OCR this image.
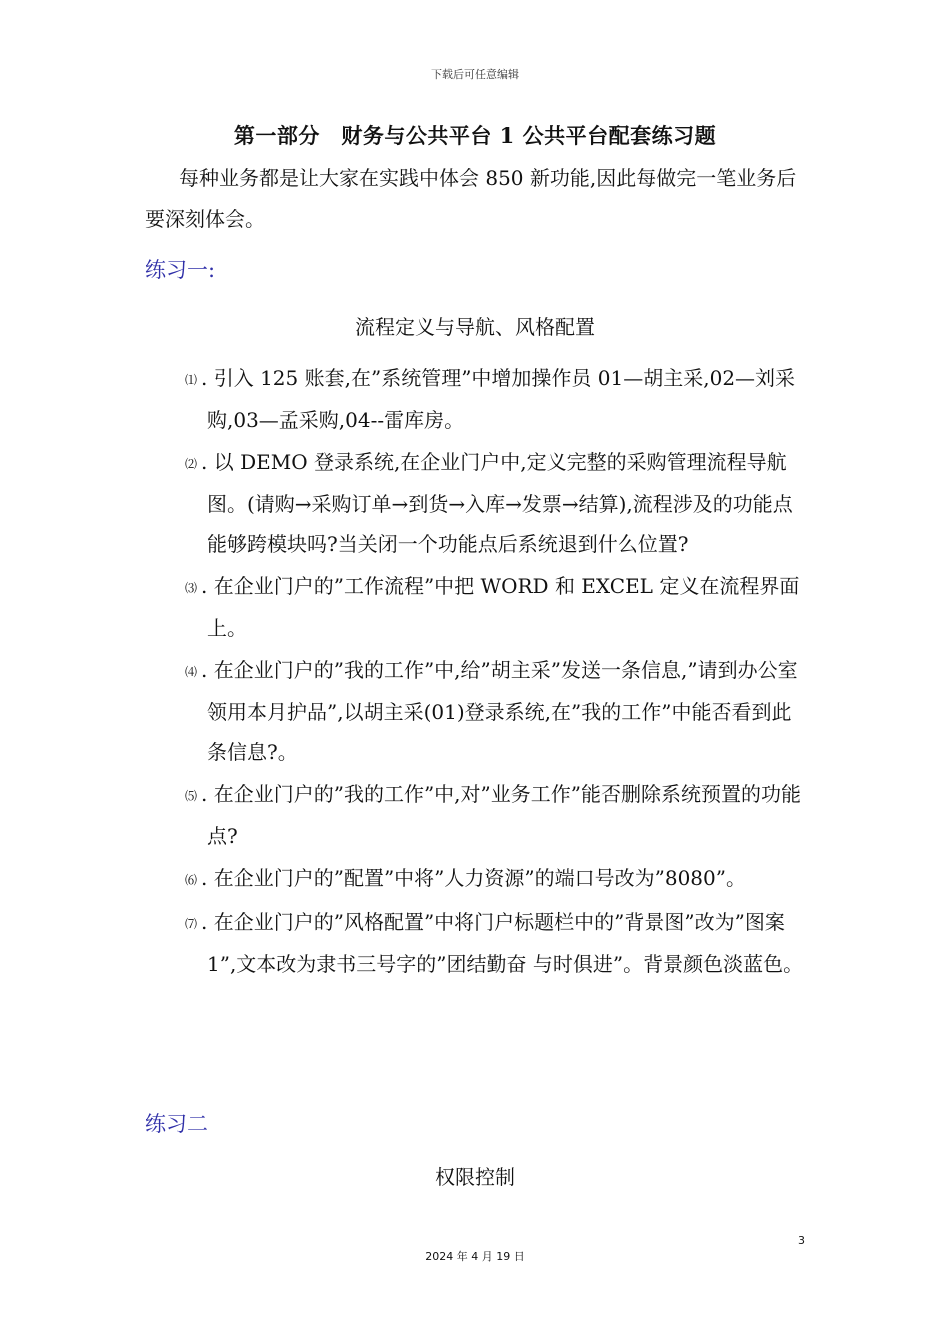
下载后可任意编辑
第一部分　财务与公共平台 1 公共平台配套练习题
每种业务都是让大家在实践中体会 850 新功能,因此每做完一笔业务后要深刻体会。
练习一:
流程定义与导航、风格配置
⑴ . 引入 125 账套,在”系统管理”中增加操作员 01—胡主采,02—刘采购,03—孟采购,04--雷库房。
⑵ . 以 DEMO 登录系统,在企业门户中,定义完整的采购管理流程导航图。(请购→采购订单→到货→入库→发票→结算),流程涉及的功能点能够跨模块吗?当关闭一个功能点后系统退到什么位置?
⑶ . 在企业门户的”工作流程”中把 WORD 和 EXCEL 定义在流程界面上。
⑷ . 在企业门户的”我的工作”中,给”胡主采”发送一条信息,”请到办公室领用本月护品”,以胡主采(01)登录系统,在”我的工作”中能否看到此条信息?。
⑸ . 在企业门户的”我的工作”中,对”业务工作”能否删除系统预置的功能点?
⑹ . 在企业门户的”配置”中将”人力资源”的端口号改为”8080”。
⑺ . 在企业门户的”风格配置”中将门户标题栏中的”背景图”改为”图案 1”,文本改为隶书三号字的”团结勤奋 与时俱进”。背景颜色淡蓝色。
练习二
权限控制
3
2024 年 4 月 19 日
